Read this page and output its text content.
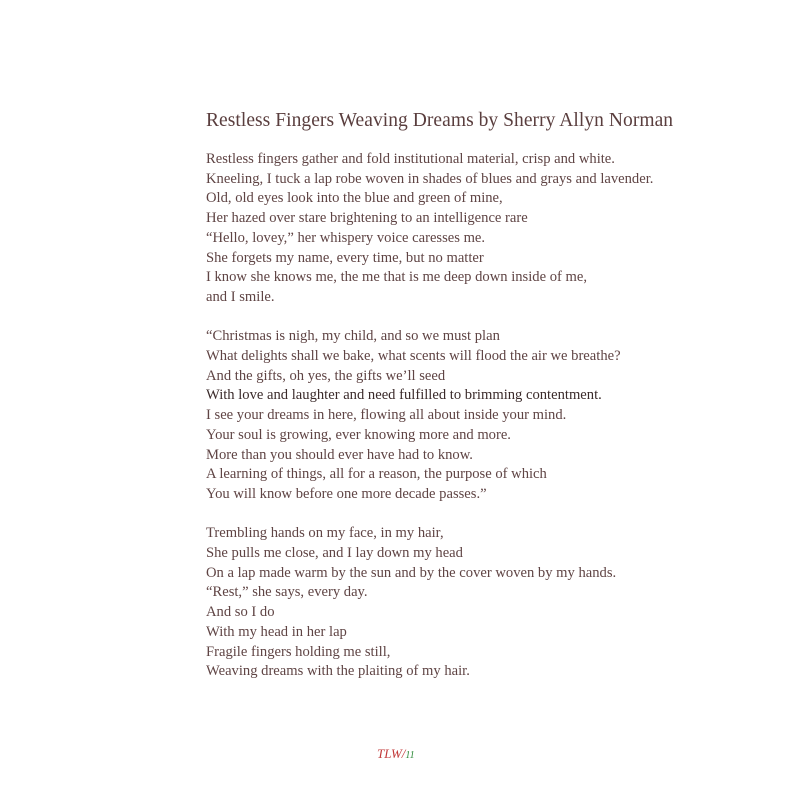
Restless Fingers Weaving Dreams by Sherry Allyn Norman
Restless fingers gather and fold institutional material, crisp and white.
Kneeling, I tuck a lap robe woven in shades of blues and grays and lavender.
Old, old eyes look into the blue and green of mine,
Her hazed over stare brightening to an intelligence rare
“Hello, lovey,” her whispery voice caresses me.
She forgets my name, every time, but no matter
I know she knows me, the me that is me deep down inside of me,
and I smile.
“Christmas is nigh, my child, and so we must plan
What delights shall we bake, what scents will flood the air we breathe?
And the gifts, oh yes, the gifts we’ll seed
With love and laughter and need fulfilled to brimming contentment.
I see your dreams in here, flowing all about inside your mind.
Your soul is growing, ever knowing more and more.
More than you should ever have had to know.
A learning of things, all for a reason, the purpose of which
You will know before one more decade passes.”
Trembling hands on my face, in my hair,
She pulls me close, and I lay down my head
On a lap made warm by the sun and by the cover woven by my hands.
“Rest,” she says, every day.
And so I do
With my head in her lap
Fragile fingers holding me still,
Weaving dreams with the plaiting of my hair.
TLW/11
